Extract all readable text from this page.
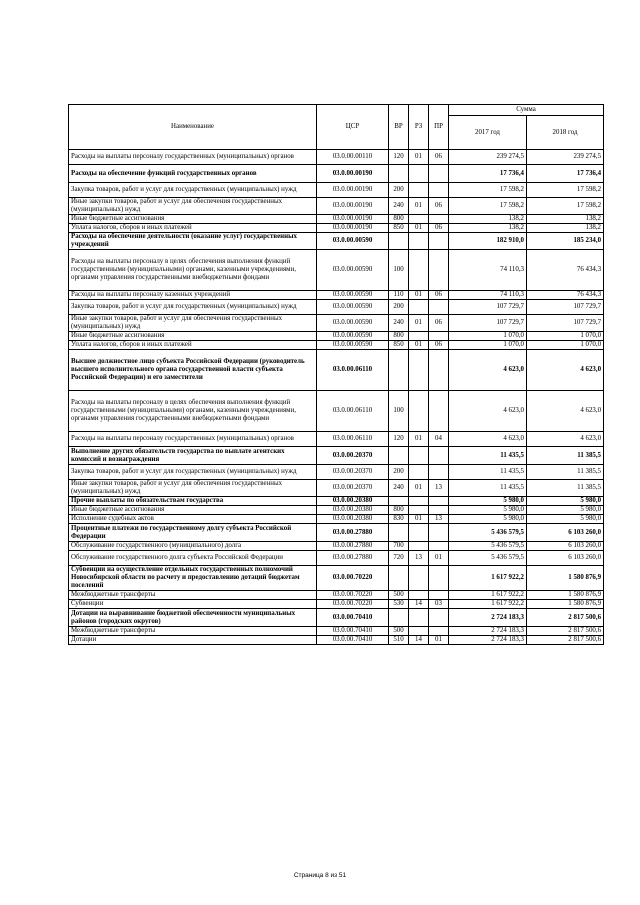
Наименование	ЦСР	ВР	РЗ	ПР	Сумма	
					2017 год	2018 год
Расходы на выплаты персоналу государственных (муниципальных) органов	03.0.00.00110	120	01	06	239 274,5	239 274,5
Расходы на обеспечение функций государственных органов	03.0.00.00190				17 736,4	17 736,4
Закупка товаров, работ и услуг для государственных (муниципальных) нужд	03.0.00.00190	200			17 598,2	17 598,2
Иные закупки товаров, работ и услуг для обеспечения государственных (муниципальных) нужд	03.0.00.00190	240	01	06	17 598,2	17 598,2
Иные бюджетные ассигнования	03.0.00.00190	800			138,2	138,2
Уплата налогов, сборов и иных платежей	03.0.00.00190	850	01	06	138,2	138,2
Расходы на обеспечение деятельности (оказание услуг) государственных учреждений	03.0.00.00590				182 910,0	185 234,0
Расходы на выплаты персоналу в целях обеспечения выполнения функций государственными (муниципальными) органами, казенными учреждениями, органами управления государственными внебюджетными фондами	03.0.00.00590	100			74 110,3	76 434,3
Расходы на выплаты персоналу казенных учреждений	03.0.00.00590	110	01	06	74 110,3	76 434,3
Закупка товаров, работ и услуг для государственных (муниципальных) нужд	03.0.00.00590	200			107 729,7	107 729,7
Иные закупки товаров, работ и услуг для обеспечения государственных (муниципальных) нужд	03.0.00.00590	240	01	06	107 729,7	107 729,7
Иные бюджетные ассигнования	03.0.00.00590	800			1 070,0	1 070,0
Уплата налогов, сборов и иных платежей	03.0.00.00590	850	01	06	1 070,0	1 070,0
Высшее должностное лицо субъекта Российской Федерации (руководитель высшего исполнительного органа государственной власти субъекта Российской Федерации) и его заместители	03.0.00.06110				4 623,0	4 623,0
Расходы на выплаты персоналу в целях обеспечения выполнения функций государственными (муниципальными) органами, казенными учреждениями, органами управления государственными внебюджетными фондами	03.0.00.06110	100			4 623,0	4 623,0
Расходы на выплаты персоналу государственных (муниципальных) органов	03.0.00.06110	120	01	04	4 623,0	4 623,0
Выполнение других обязательств государства по выплате агентских комиссий и вознаграждения	03.0.00.20370				11 435,5	11 385,5
Закупка товаров, работ и услуг для государственных (муниципальных) нужд	03.0.00.20370	200			11 435,5	11 385,5
Иные закупки товаров, работ и услуг для обеспечения государственных (муниципальных) нужд	03.0.00.20370	240	01	13	11 435,5	11 385,5
Прочие выплаты по обязательствам государства	03.0.00.20380				5 980,0	5 980,0
Иные бюджетные ассигнования	03.0.00.20380	800			5 980,0	5 980,0
Исполнение судебных актов	03.0.00.20380	830	01	13	5 980,0	5 980,0
Процентные платежи по государственному долгу субъекта Российской Федерации	03.0.00.27880				5 436 579,5	6 103 260,0
Обслуживание государственного (муниципального) долга	03.0.00.27880	700			5 436 579,5	6 103 260,0
Обслуживание государственного долга субъекта Российской Федерации	03.0.00.27880	720	13	01	5 436 579,5	6 103 260,0
Субвенции на осуществление отдельных государственных полномочий Новосибирской области по расчету и предоставлению дотаций бюджетам поселений	03.0.00.70220				1 617 922,2	1 580 876,9
Межбюджетные трансферты	03.0.00.70220	500			1 617 922,2	1 580 876,9
Субвенции	03.0.00.70220	530	14	03	1 617 922,2	1 580 876,9
Дотации на выравнивание бюджетной обеспеченности муниципальных районов (городских округов)	03.0.00.70410				2 724 183,3	2 817 500,6
Межбюджетные трансферты	03.0.00.70410	500			2 724 183,3	2 817 500,6
Дотации	03.0.00.70410	510	14	01	2 724 183,3	2 817 500,6
Страница 8 из 51
